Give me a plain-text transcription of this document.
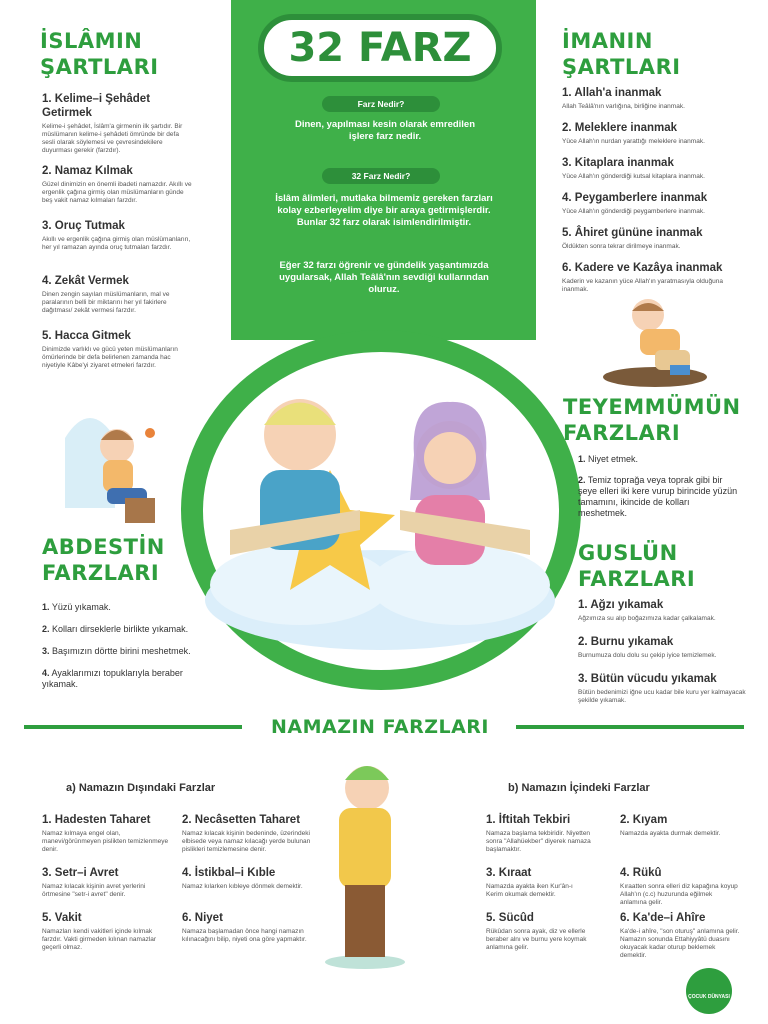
32 FARZ
Farz Nedir?
Dinen, yapılması kesin olarak emredilen işlere farz nedir.
32 Farz Nedir?
İslâm âlimleri, mutlaka bilmemiz gereken farzları kolay ezberleyelim diye bir araya getirmişlerdir. Bunlar 32 farz olarak isimlendirilmiştir.
Eğer 32 farzı öğrenir ve gündelik yaşantımızda uygularsak, Allah Teâlâ'nın sevdiği kullarından oluruz.
İSLÂMIN
ŞARTLARI
1. Kelime–i Şehâdet Getirmek
Kelime-i şehâdet, İslâm'a girmenin ilk şartıdır. Bir müslümanın kelime-i şehâdeti ömründe bir defa sesli olarak söylemesi ve çevresindekilere duyurması gerekir (farzdır).
2. Namaz Kılmak
Güzel dinimizin en önemli ibadeti namazdır. Akıllı ve ergenlik çağına girmiş olan müslümanların günde beş vakit namaz kılmaları farzdır.
3. Oruç Tutmak
Akıllı ve ergenlik çağına girmiş olan müslümanların, her yıl ramazan ayında oruç tutmaları farzdır.
4. Zekât Vermek
Dinen zengin sayılan müslümanların, mal ve paralarının belli bir miktarını her yıl fakirlere dağıtması/ zekât vermesi farzdır.
5. Hacca Gitmek
Dinimizde varlıklı ve gücü yeten müslümanların ömürlerinde bir defa belirlenen zamanda hac niyetiyle Kâbe'yi ziyaret etmeleri farzdır.
İMANIN
ŞARTLARI
1. Allah'a inanmak
Allah Teâlâ'nın varlığına, birliğine inanmak.
2. Meleklere inanmak
Yüce Allah'ın nurdan yarattığı meleklere inanmak.
3. Kitaplara inanmak
Yüce Allah'ın gönderdiği kutsal kitaplara inanmak.
4. Peygamberlere inanmak
Yüce Allah'ın gönderdiği peygamberlere inanmak.
5. Âhiret gününe inanmak
Öldükten sonra tekrar dirilmeye inanmak.
6. Kadere ve Kazâya inanmak
Kaderin ve kazanın yüce Allah'ın yaratmasıyla olduğuna inanmak.
TEYEMMÜMÜN
FARZLARI
1. Niyet etmek.
2. Temiz toprağa veya toprak gibi bir şeye elleri iki kere vurup birincide yüzün tamamını, ikincide de kolları meshetmek.
ABDESTİN
FARZLARI
1. Yüzü yıkamak.
2. Kolları dirseklerle birlikte yıkamak.
3. Başımızın dörtte birini meshetmek.
4. Ayaklarımızı topuklarıyla beraber yıkamak.
GUSLÜN
FARZLARI
1. Ağzı yıkamak
Ağzımıza su alıp boğazımıza kadar çalkalamak.
2. Burnu yıkamak
Burnumuza dolu dolu su çekip iyice temizlemek.
3. Bütün vücudu yıkamak
Bütün bedenimizi iğne ucu kadar bile kuru yer kalmayacak şekilde yıkamak.
NAMAZIN FARZLARI
a) Namazın Dışındaki Farzlar	b) Namazın İçindeki Farzlar
1. Hadesten Taharet
Namaz kılmaya engel olan, manevi/görünmeyen pislikten temizlenmeye denir.
2. Necâsetten Taharet
Namaz kılacak kişinin bedeninde, üzerindeki elbisede veya namaz kılacağı yerde bulunan pislikleri temizlemesine denir.
3. Setr–i Avret
Namaz kılacak kişinin avret yerlerini örtmesine "setr-i avret" denir.
4. İstikbal–i Kıble
Namaz kılarken kıbleye dönmek demektir.
5. Vakit
Namazları kendi vakitleri içinde kılmak farzdır. Vakti girmeden kılınan namazlar geçerli olmaz.
6. Niyet
Namaza başlamadan önce hangi namazın kılınacağını bilip, niyeti ona göre yapmaktır.
1. İftitah Tekbiri
Namaza başlama tekbiridir. Niyetten sonra "Allahüekber" diyerek namaza başlamaktır.
2. Kıyam
Namazda ayakta durmak demektir.
3. Kıraat
Namazda ayakta iken Kur'ân-ı Kerim okumak demektir.
4. Rükû
Kıraatten sonra elleri diz kapağına koyup Allah'ın (c.c) huzurunda eğilmek anlamına gelir.
5. Sücûd
Rükûdan sonra ayak, diz ve ellerle beraber alnı ve burnu yere koymak anlamına gelir.
6. Ka'de–i Ahîre
Ka'de-i ahîre, "son oturuş" anlamına gelir. Namazın sonunda Ettahiyyâtü duasını okuyacak kadar oturup beklemek demektir.
ÇOCUK DÜNYASI
